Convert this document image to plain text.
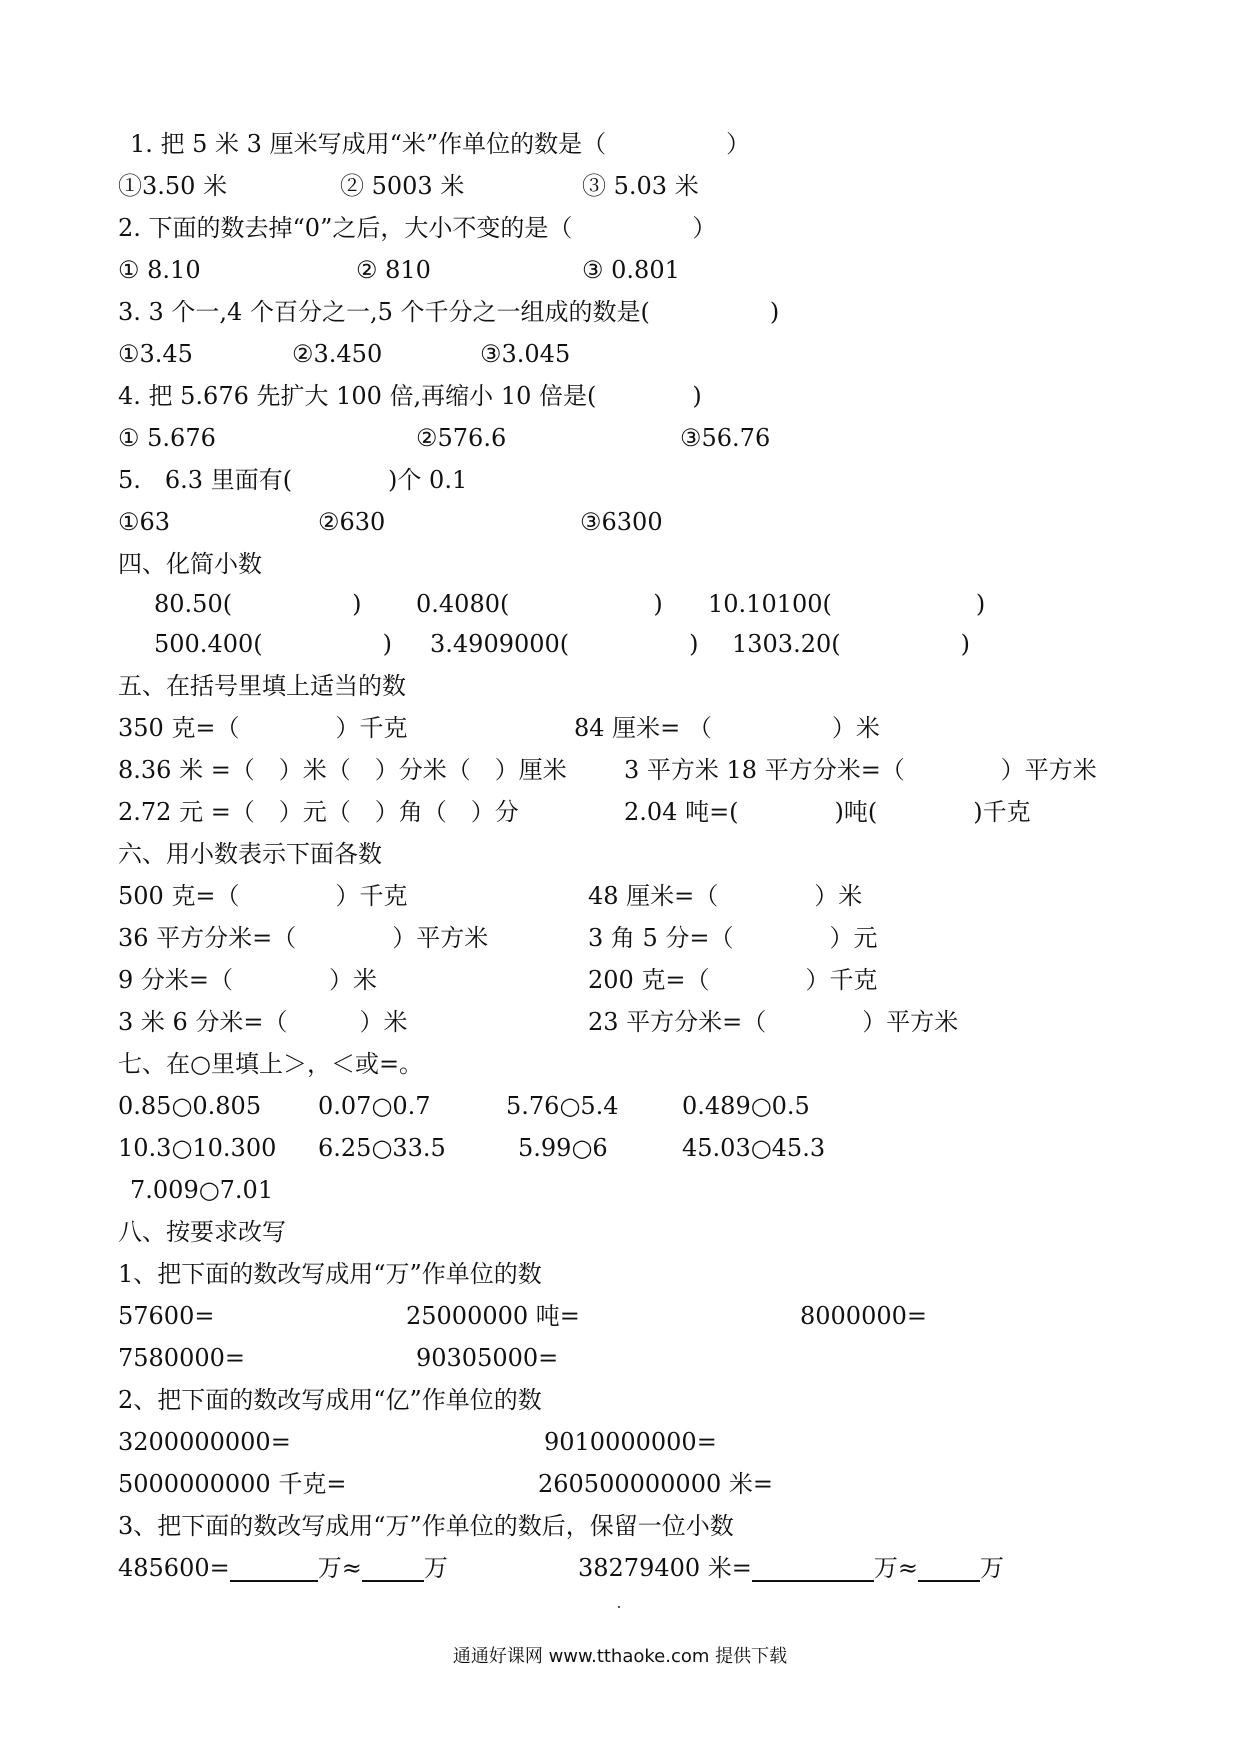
1. 把 5 米 3 厘米写成用“米”作单位的数是（　　　　　）
①3.50 米	② 5003 米	③ 5.03 米
2. 下面的数去掉“0”之后，大小不变的是（　　　　　）
① 8.10	② 810	③ 0.801
3. 3 个一,4 个百分之一,5 个千分之一组成的数是(　　　　　)
①3.45	②3.450	③3.045
4. 把 5.676 先扩大 100 倍,再缩小 10 倍是(　　　　)
① 5.676	②576.6	③56.76
5.　6.3 里面有(　　　　)个 0.1
①63	②630	③6300
四、化简小数
80.50(　　　　　) 0.4080(　　　　　　) 10.10100(　　　　　　)
500.400(　　　　　) 3.4909000(　　　　　) 1303.20(　　　　　)
五、在括号里填上适当的数
350 克=（　　　　）千克	84 厘米= （　　　　　）米
8.36 米 =（　）米（　）分米（　）厘米 3 平方米 18 平方分米=（　　　　）平方米
2.72 元 =（　）元（　）角（　）分	2.04 吨=(　　　　)吨(　　　　)千克
六、用小数表示下面各数
500 克=（　　　　）千克	48 厘米=（　　　　）米
36 平方分米=（　　　　）平方米	3 角 5 分=（　　　　）元
9 分米=（　　　　）米	200 克=（　　　　）千克
3 米 6 分米=（　　　）米	23 平方分米=（　　　　）平方米
七、在○里填上＞，＜或=。
0.85○0.805 0.07○0.7	5.76○5.4	0.489○0.5
10.3○10.300 6.25○33.5	5.99○6	45.03○45.3
7.009○7.01
八、按要求改写
1、把下面的数改写成用“万”作单位的数
57600=	25000000 吨=	8000000=
7580000=	90305000=
2、把下面的数改写成用“亿”作单位的数
3200000000=	9010000000=
5000000000 千克=	260500000000 米=
3、把下面的数改写成用“万”作单位的数后，保留一位小数
485600=	万≈	万	38279400 米=	万≈	万
通通好课网 www.tthaoke.com 提供下载
